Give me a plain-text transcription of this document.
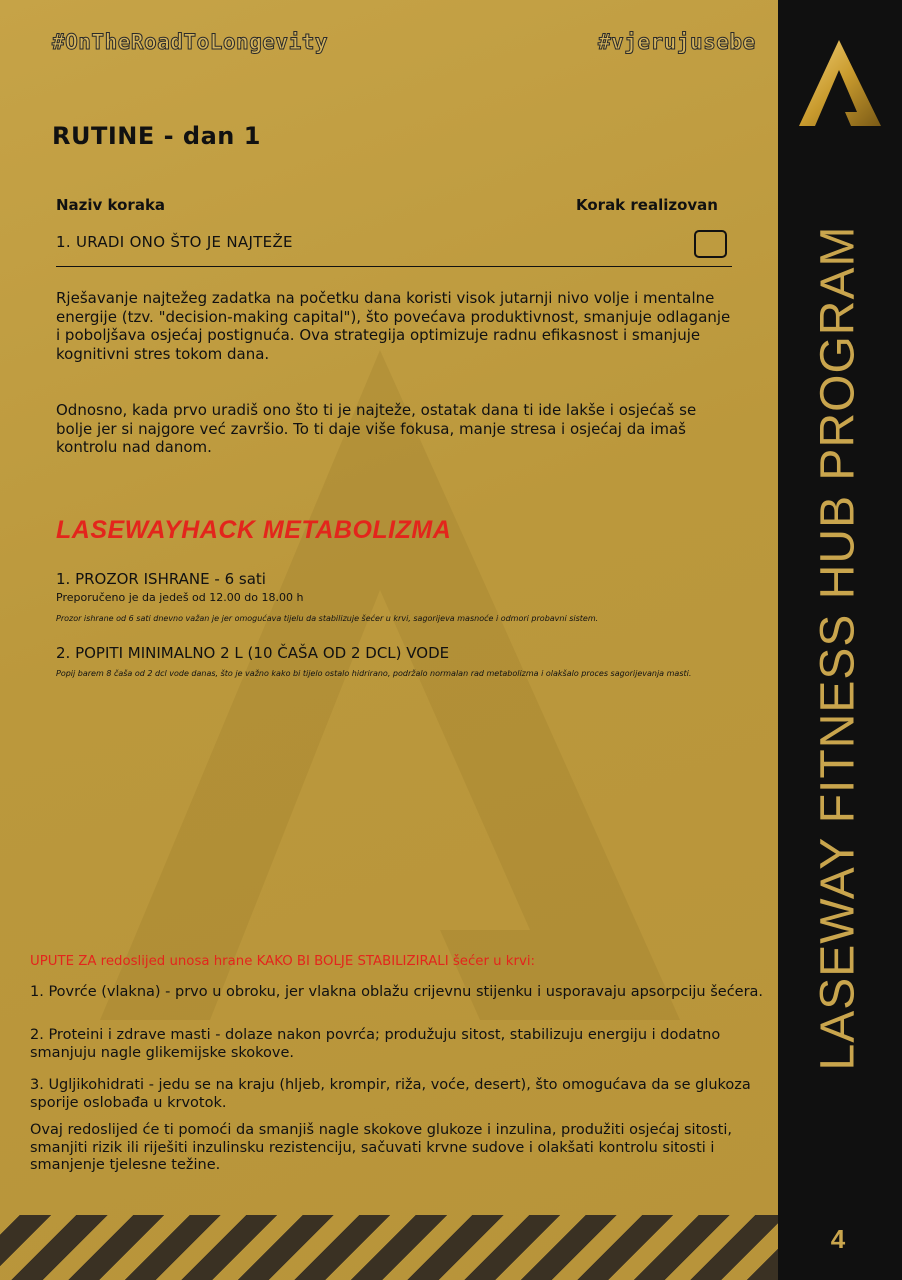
LASEWAY FITNESS HUB PROGRAM
4
#OnTheRoadToLongevity	#vjerujusebe
RUTINE - dan 1
Naziv koraka	Korak realizovan
1. URADI ONO ŠTO JE NAJTEŽE
Rješavanje najtežeg zadatka na početku dana koristi visok jutarnji nivo volje i mentalne energije (tzv. "decision-making capital"), što povećava produktivnost, smanjuje odlaganje i poboljšava osjećaj postignuća. Ova strategija optimizuje radnu efikasnost i smanjuje kognitivni stres tokom dana.
Odnosno, kada prvo uradiš ono što ti je najteže, ostatak dana ti ide lakše i osjećaš se bolje jer si najgore već završio. To ti daje više fokusa, manje stresa i osjećaj da imaš kontrolu nad danom.
LASEWAYHACK METABOLIZMA
1. PROZOR ISHRANE - 6 sati
Preporučeno je da jedeš od 12.00 do 18.00 h
Prozor ishrane od 6 sati dnevno važan je jer omogućava tijelu da stabilizuje šećer u krvi, sagorijeva masnoće i odmori probavni sistem.
2. POPITI MINIMALNO 2 L (10 ČAŠA OD 2 DCL) VODE
Popij barem 8 čaša od 2 dcl vode danas, što je važno kako bi tijelo ostalo hidrirano, podržalo normalan rad metabolizma i olakšalo proces sagorijevanja masti.
UPUTE ZA redoslijed unosa hrane KAKO BI BOLJE STABILIZIRALI šećer u krvi:
1. Povrće (vlakna) - prvo u obroku, jer vlakna oblažu crijevnu stijenku i usporavaju apsorpciju šećera.
2. Proteini i zdrave masti - dolaze nakon povrća; produžuju sitost, stabilizuju energiju i dodatno smanjuju nagle glikemijske skokove.
3. Ugljikohidrati - jedu se na kraju (hljeb, krompir, riža, voće, desert), što omogućava da se glukoza sporije oslobađa u krvotok.
Ovaj redoslijed će ti pomoći da smanjiš nagle skokove glukoze i inzulina, produžiti osjećaj sitosti, smanjiti rizik ili riješiti inzulinsku rezistenciju, sačuvati krvne sudove i olakšati kontrolu sitosti i smanjenje tjelesne težine.
